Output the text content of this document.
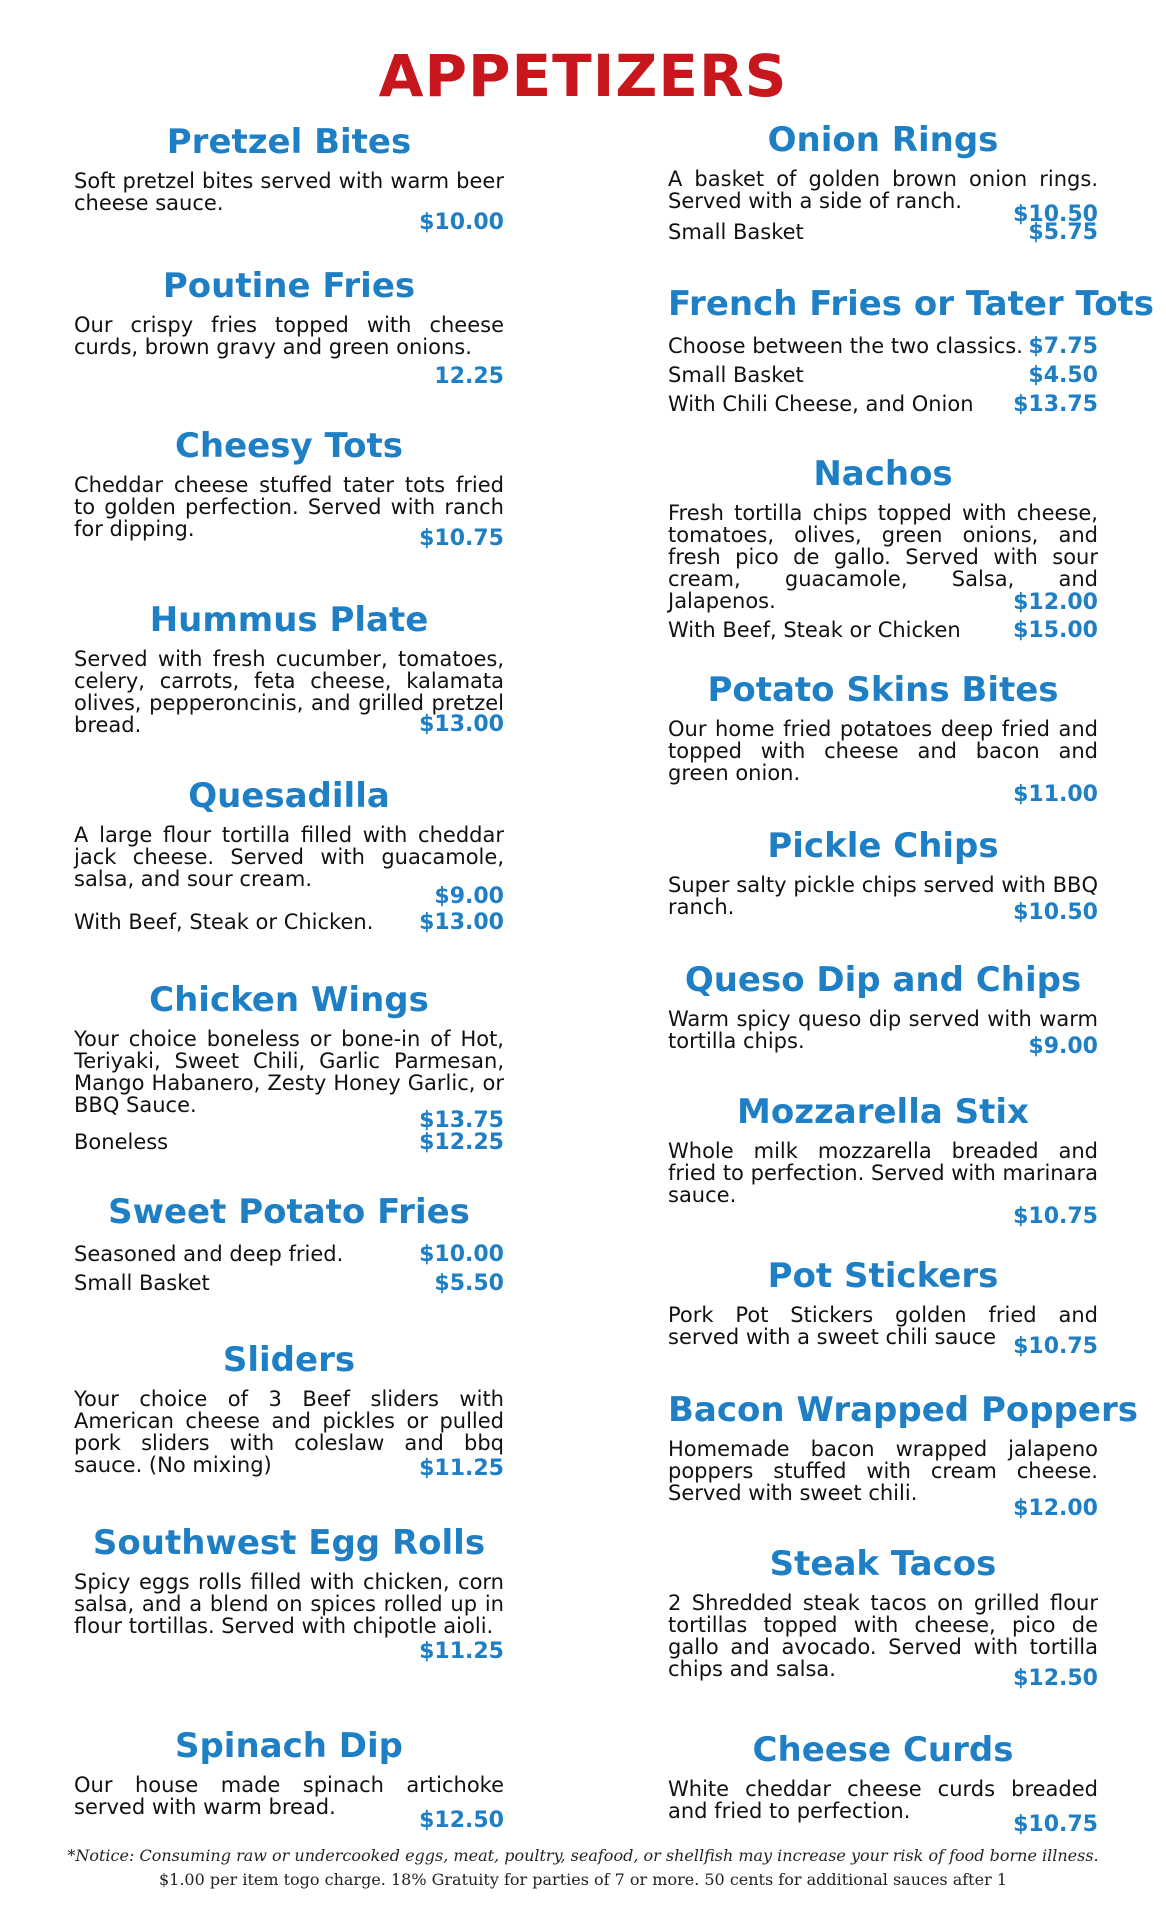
APPETIZERS
Pretzel Bites

Soft pretzel bites served with warm beer cheese sauce.

$10.00
Poutine Fries

Our crispy fries topped with cheese curds, brown gravy and green onions.

12.25
Cheesy Tots

Cheddar cheese stuffed tater tots fried to golden perfection. Served with ranch for dipping.	$10.75
Hummus Plate

Served with fresh cucumber, tomatoes, celery, carrots, feta cheese, kalamata olives, pepperoncinis, and grilled pretzel bread.	$13.00
Quesadilla

A large flour tortilla filled with cheddar jack cheese. Served with guacamole, salsa, and sour cream.

$9.00
With Beef, Steak or Chicken. $13.00
Chicken Wings

Your choice boneless or bone-in of Hot, Teriyaki, Sweet Chili, Garlic Parmesan, Mango Habanero, Zesty Honey Garlic, or BBQ Sauce.

$13.75
Boneless	$12.25
Sweet Potato Fries
Seasoned and deep fried.	$10.00
Small Basket	$5.50
Sliders

Your choice of 3 Beef sliders with American cheese and pickles or pulled pork sliders with coleslaw and bbq sauce. (No mixing)	$11.25
Southwest Egg Rolls

Spicy eggs rolls filled with chicken, corn salsa, and a blend on spices rolled up in flour tortillas. Served with chipotle aioli.

$11.25
Spinach Dip

Our house made spinach artichoke served with warm bread.

$12.50
Onion Rings

A basket of golden brown onion rings. Served with a side of ranch.

$10.50
Small Basket	$5.75
French Fries or Tater Tots
Choose between the two classics. $7.75
Small Basket	$4.50
With Chili Cheese, and Onion $13.75
Nachos

Fresh tortilla chips topped with cheese, tomatoes, olives, green onions, and fresh pico de gallo. Served with sour cream, guacamole, Salsa, and Jalapenos.	$12.00
With Beef, Steak or Chicken $15.00
Potato Skins Bites

Our home fried potatoes deep fried and topped with cheese and bacon and green onion.

$11.00
Pickle Chips

Super salty pickle chips served with BBQ ranch.	$10.50
Queso Dip and Chips

Warm spicy queso dip served with warm tortilla chips.	$9.00
Mozzarella Stix

Whole milk mozzarella breaded and fried to perfection. Served with marinara sauce.

$10.75
Pot Stickers

Pork Pot Stickers golden fried and served with a sweet chili sauce $10.75
Bacon Wrapped Poppers

Homemade bacon wrapped jalapeno poppers stuffed with cream cheese. Served with sweet chili.

$12.00
Steak Tacos

2 Shredded steak tacos on grilled flour tortillas topped with cheese, pico de gallo and avocado. Served with tortilla chips and salsa.	$12.50
Cheese Curds

White cheddar cheese curds breaded and fried to perfection.

$10.75
*Notice: Consuming raw or undercooked eggs, meat, poultry, seafood, or shellfish may increase your risk of food borne illness.
$1.00 per item togo charge. 18% Gratuity for parties of 7 or more. 50 cents for additional sauces after 1
